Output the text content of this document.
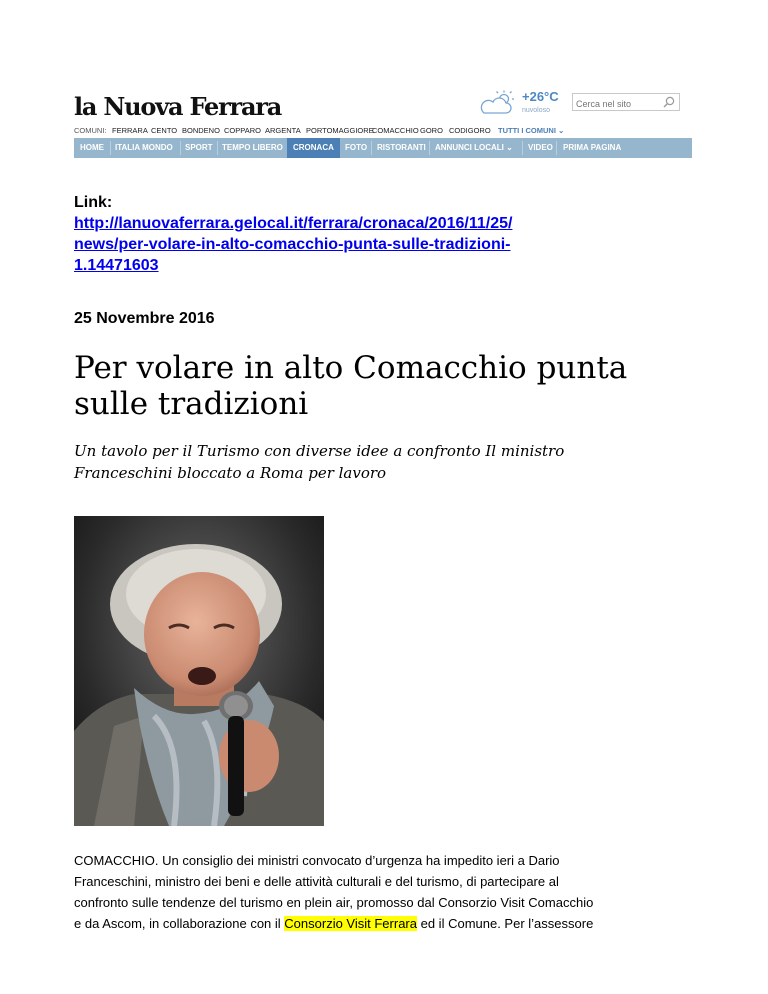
la Nuova Ferrara	+26°C
nuvoloso
Cerca nel sito
COMUNI: FERRARA CENTO BONDENO COPPARO ARGENTA PORTOMAGGIORE
COMACCHIO GORO CODIGORO TUTTI I COMUNI ⌄
HOME ITALIA MONDO SPORT TEMPO LIBERO	CRONACA	FOTO RISTORANTI ANNUNCI LOCALI ⌄ VIDEO PRIMA PAGINA
Link:
http://lanuovaferrara.gelocal.it/ferrara/cronaca/2016/11/25/
news/per-volare-in-alto-comacchio-punta-sulle-tradizioni-
1.14471603
25 Novembre 2016
Per volare in alto Comacchio punta
sulle tradizioni
Un tavolo per il Turismo con diverse idee a confronto Il ministro
Franceschini bloccato a Roma per lavoro
COMACCHIO. Un consiglio dei ministri convocato d’urgenza ha impedito ieri a Dario
Franceschini, ministro dei beni e delle attività culturali e del turismo, di partecipare al
confronto sulle tendenze del turismo en plein air, promosso dal Consorzio Visit Comacchio
e da Ascom, in collaborazione con il Consorzio Visit Ferrara ed il Comune. Per l’assessore
